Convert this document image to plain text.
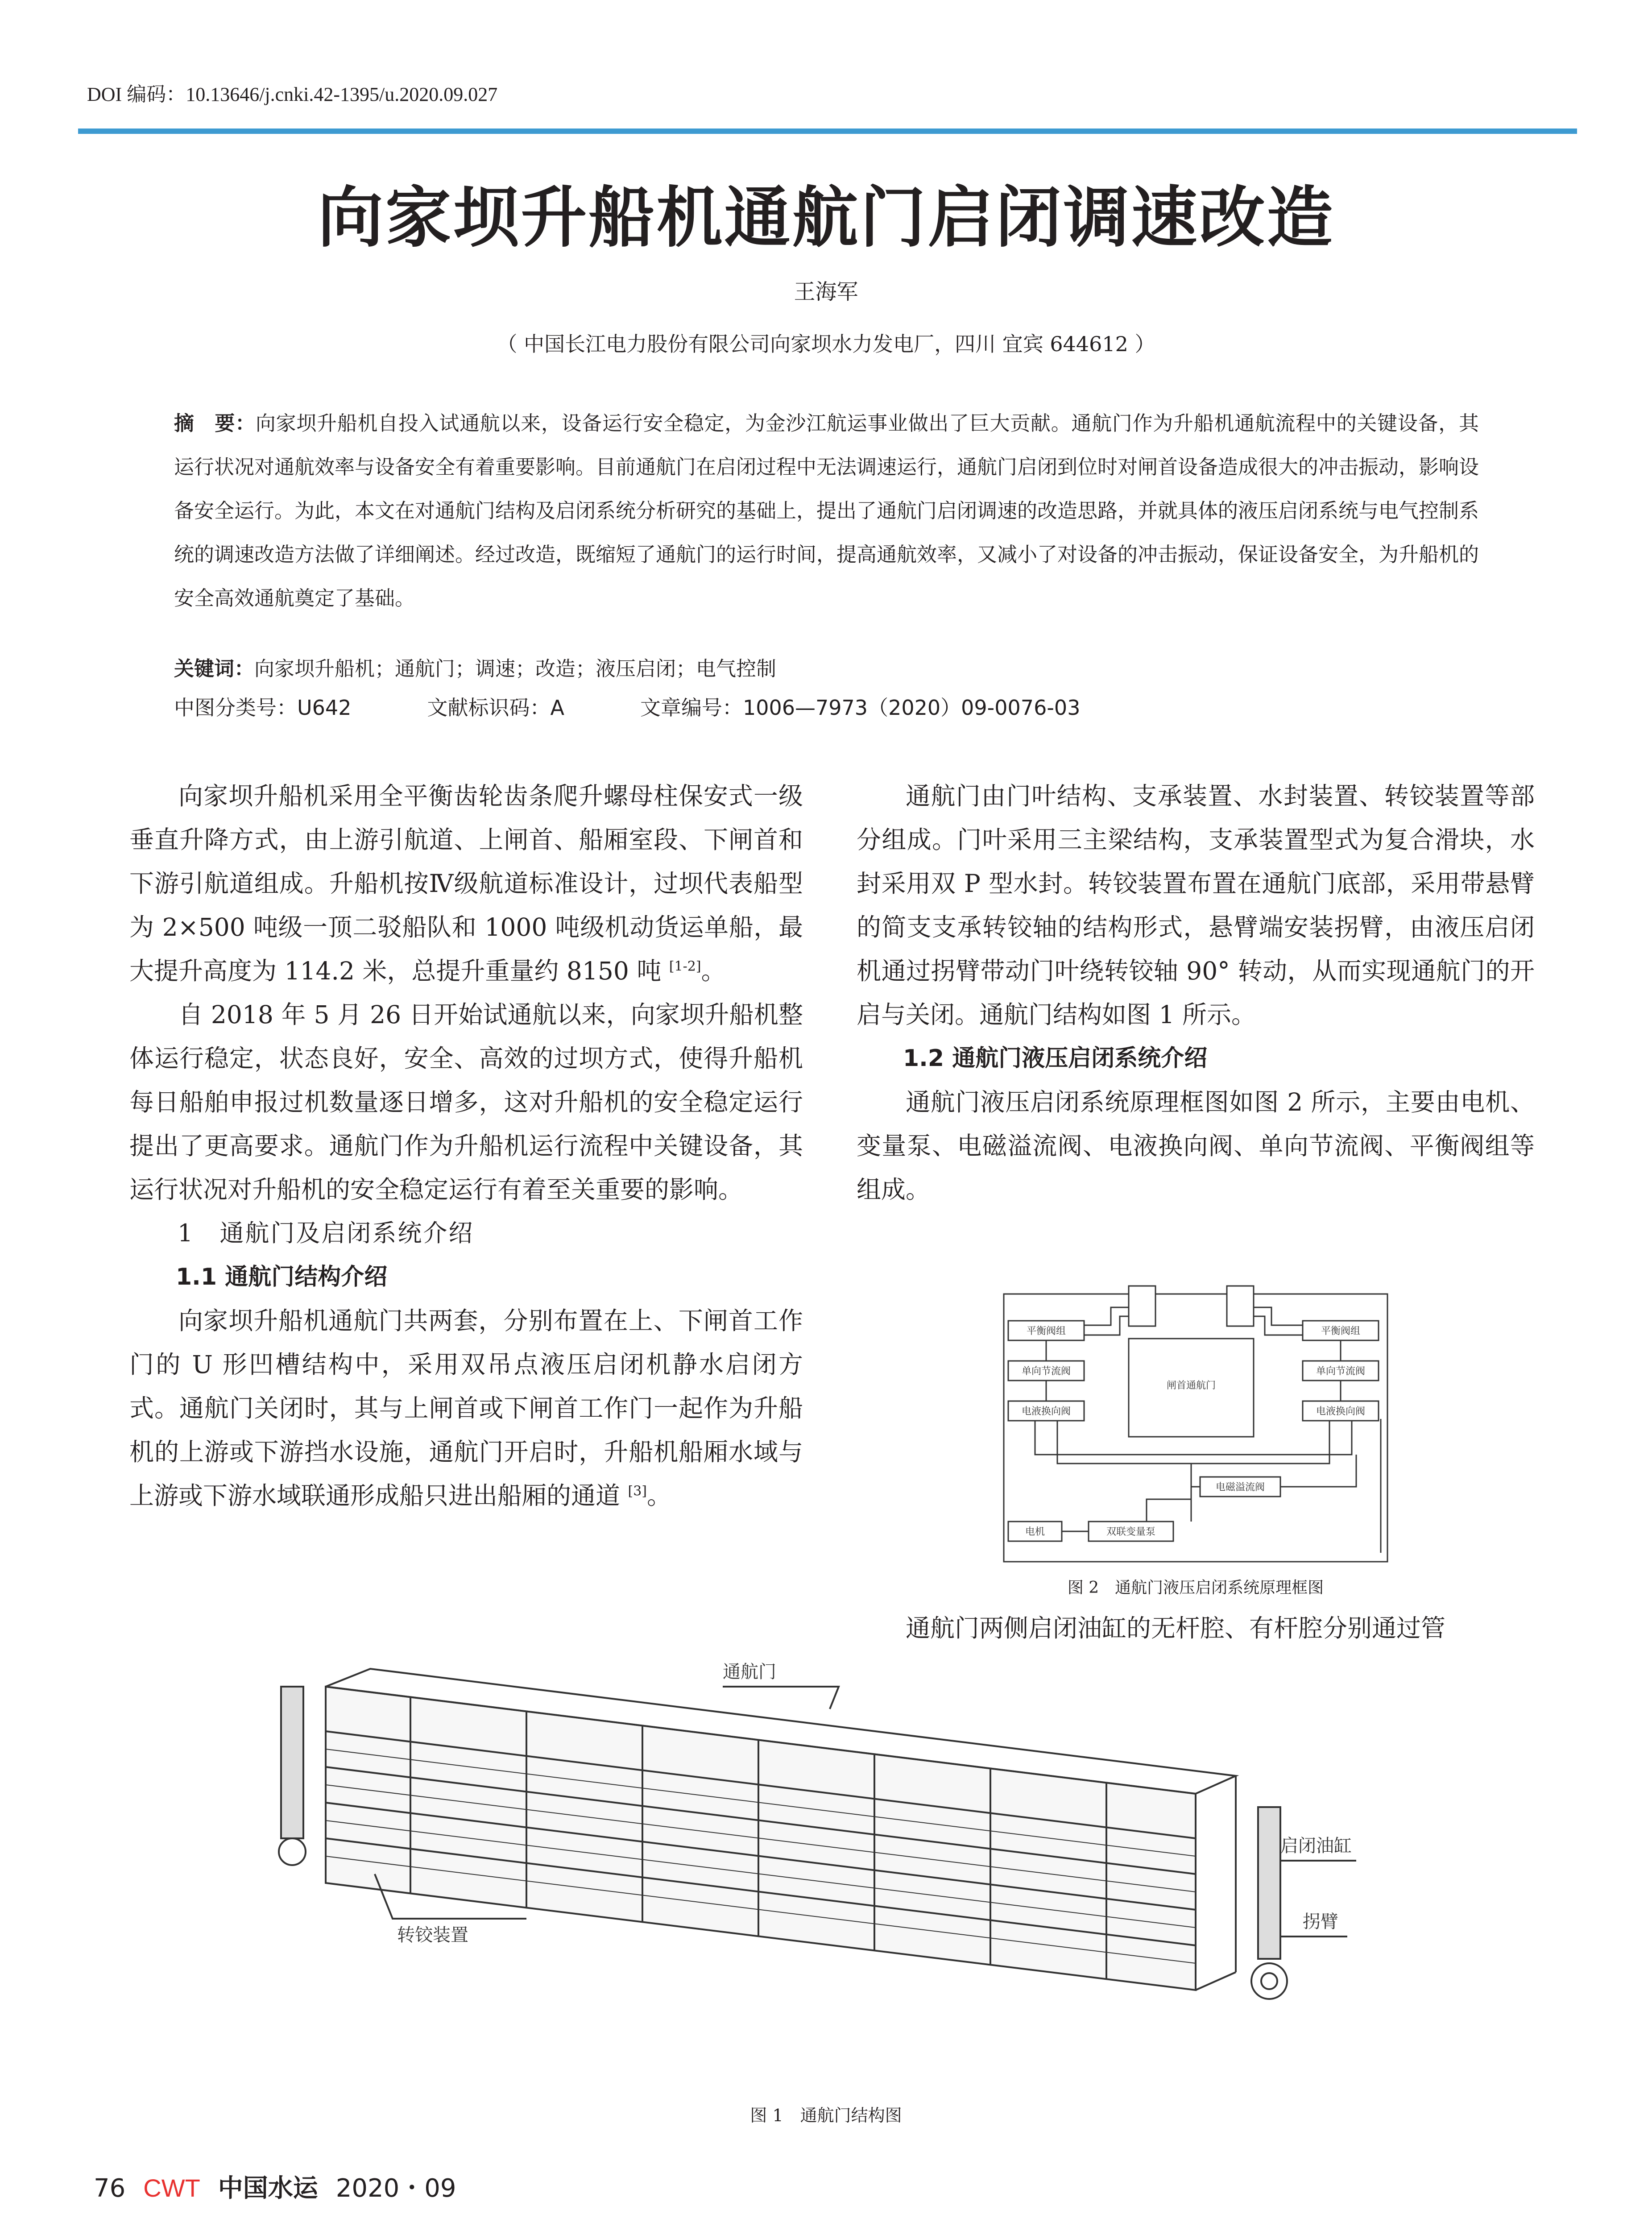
DOI 编码：10.13646/j.cnki.42-1395/u.2020.09.027
向家坝升船机通航门启闭调速改造
王海军
（ 中国长江电力股份有限公司向家坝水力发电厂，四川 宜宾 644612 ）
摘　要：向家坝升船机自投入试通航以来，设备运行安全稳定，为金沙江航运事业做出了巨大贡献。通航门作为升船机通航流程中的关键设备，其运行状况对通航效率与设备安全有着重要影响。目前通航门在启闭过程中无法调速运行，通航门启闭到位时对闸首设备造成很大的冲击振动，影响设备安全运行。为此，本文在对通航门结构及启闭系统分析研究的基础上，提出了通航门启闭调速的改造思路，并就具体的液压启闭系统与电气控制系统的调速改造方法做了详细阐述。经过改造，既缩短了通航门的运行时间，提高通航效率，又减小了对设备的冲击振动，保证设备安全，为升船机的安全高效通航奠定了基础。
关键词：向家坝升船机；通航门；调速；改造；液压启闭；电气控制
中图分类号：U642	文献标识码：A	文章编号：1006—7973（2020）09-0076-03

向家坝升船机采用全平衡齿轮齿条爬升螺母柱保安式一级垂直升降方式，由上游引航道、上闸首、船厢室段、下闸首和下游引航道组成。升船机按Ⅳ级航道标准设计，过坝代表船型为 2×500 吨级一顶二驳船队和 1000 吨级机动货运单船，最大提升高度为 114.2 米，总提升重量约 8150 吨 [1-2]。

自 2018 年 5 月 26 日开始试通航以来，向家坝升船机整体运行稳定，状态良好，安全、高效的过坝方式，使得升船机每日船舶申报过机数量逐日增多，这对升船机的安全稳定运行提出了更高要求。通航门作为升船机运行流程中关键设备，其运行状况对升船机的安全稳定运行有着至关重要的影响。

1　通航门及启闭系统介绍

1.1 通航门结构介绍

向家坝升船机通航门共两套，分别布置在上、下闸首工作门的 U 形凹槽结构中，采用双吊点液压启闭机静水启闭方式。通航门关闭时，其与上闸首或下闸首工作门一起作为升船机的上游或下游挡水设施，通航门开启时，升船机船厢水域与上游或下游水域联通形成船只进出船厢的通道 [3]。

通航门由门叶结构、支承装置、水封装置、转铰装置等部分组成。门叶采用三主梁结构，支承装置型式为复合滑块，水封采用双 P 型水封。转铰装置布置在通航门底部，采用带悬臂的简支支承转铰轴的结构形式，悬臂端安装拐臂，由液压启闭机通过拐臂带动门叶绕转铰轴 90° 转动，从而实现通航门的开启与关闭。通航门结构如图 1 所示。

1.2 通航门液压启闭系统介绍

通航门液压启闭系统原理框图如图 2 所示，主要由电机、变量泵、电磁溢流阀、电液换向阀、单向节流阀、平衡阀组等组成。

平衡阀组
单向节流阀
电液换向阀
平衡阀组
单向节流阀
电液换向阀
闸首通航门
电磁溢流阀
电机	双联变量泵
图 2　通航门液压启闭系统原理框图
通航门两侧启闭油缸的无杆腔、有杆腔分别通过管
通航门
转铰装置
启闭油缸
拐臂
图 1　通航门结构图
76 CWT 中国水运 2020・09
